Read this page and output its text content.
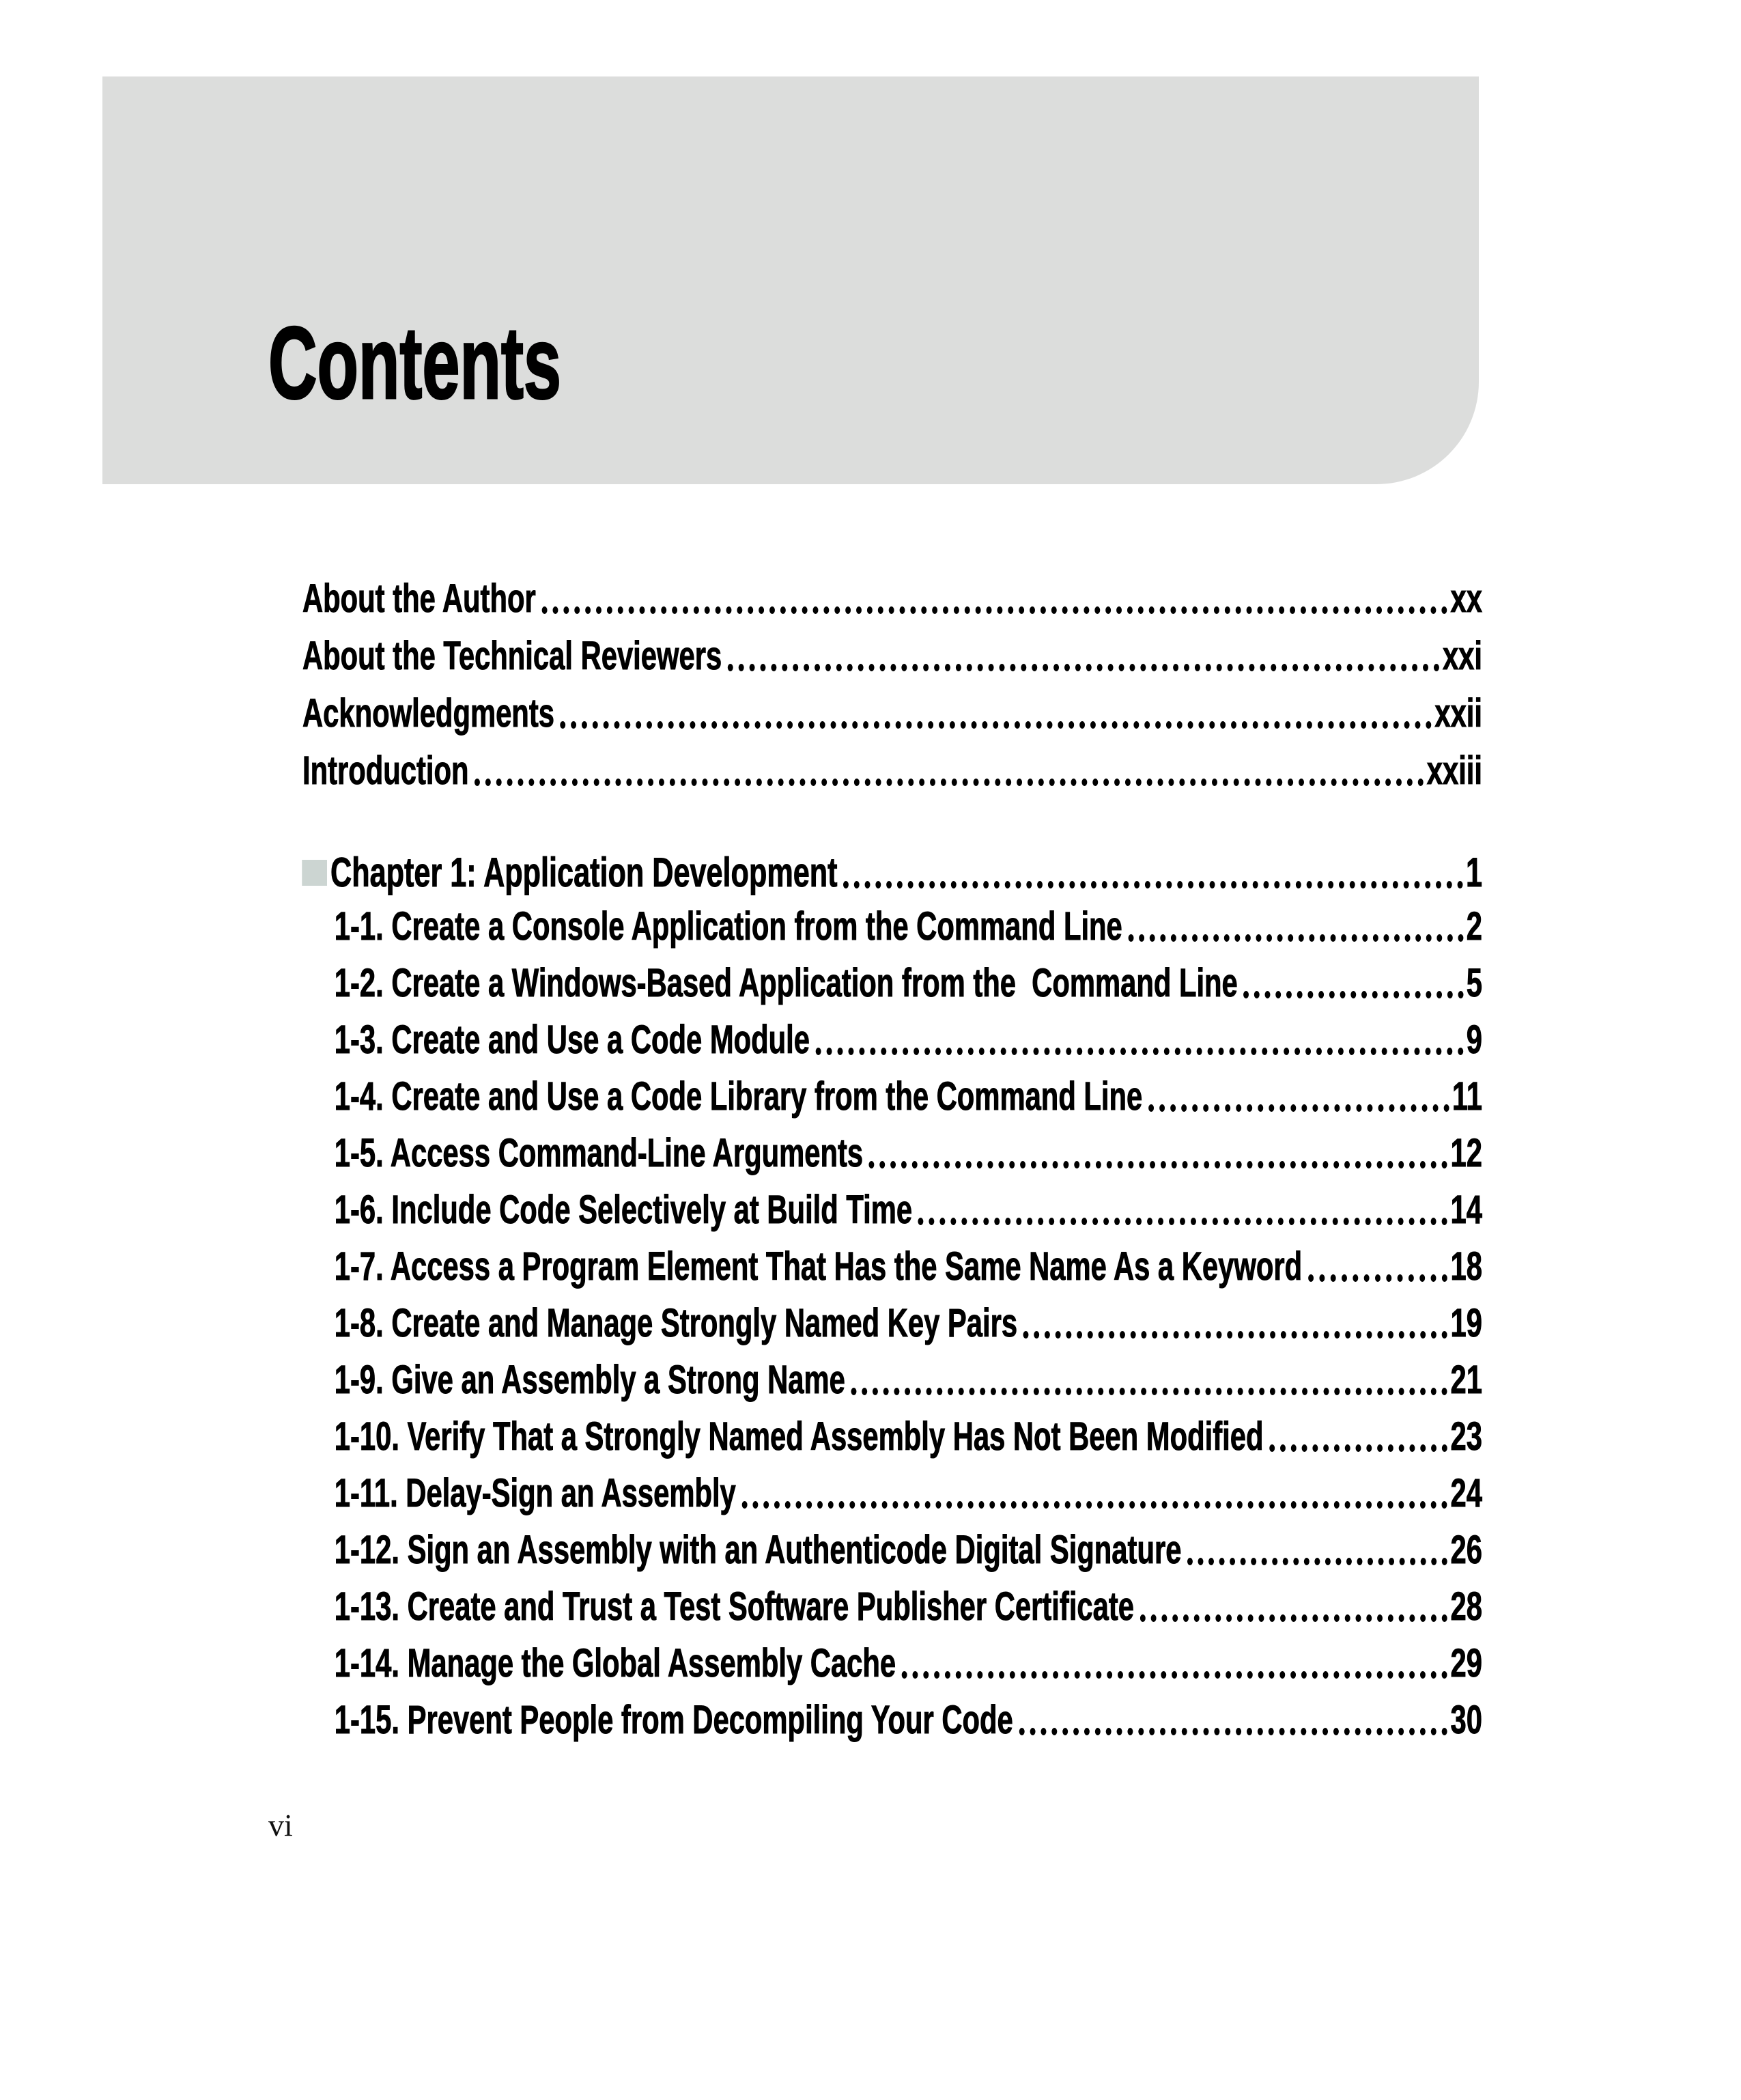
Contents
About the Author	xx
About the Technical Reviewers	xxi
Acknowledgments	xxii
Introduction	xxiii
Chapter 1: Application Development	1
1-1. Create a Console Application from the Command Line	2
1-2. Create a Windows-Based Application from the  Command Line	5
1-3. Create and Use a Code Module	9
1-4. Create and Use a Code Library from the Command Line	11
1-5. Access Command-Line Arguments	12
1-6. Include Code Selectively at Build Time	14
1-7. Access a Program Element That Has the Same Name As a Keyword	18
1-8. Create and Manage Strongly Named Key Pairs	19
1-9. Give an Assembly a Strong Name	21
1-10. Verify That a Strongly Named Assembly Has Not Been Modified	23
1-11. Delay-Sign an Assembly	24
1-12. Sign an Assembly with an Authenticode Digital Signature	26
1-13. Create and Trust a Test Software Publisher Certificate	28
1-14. Manage the Global Assembly Cache	29
1-15. Prevent People from Decompiling Your Code	30
vi
